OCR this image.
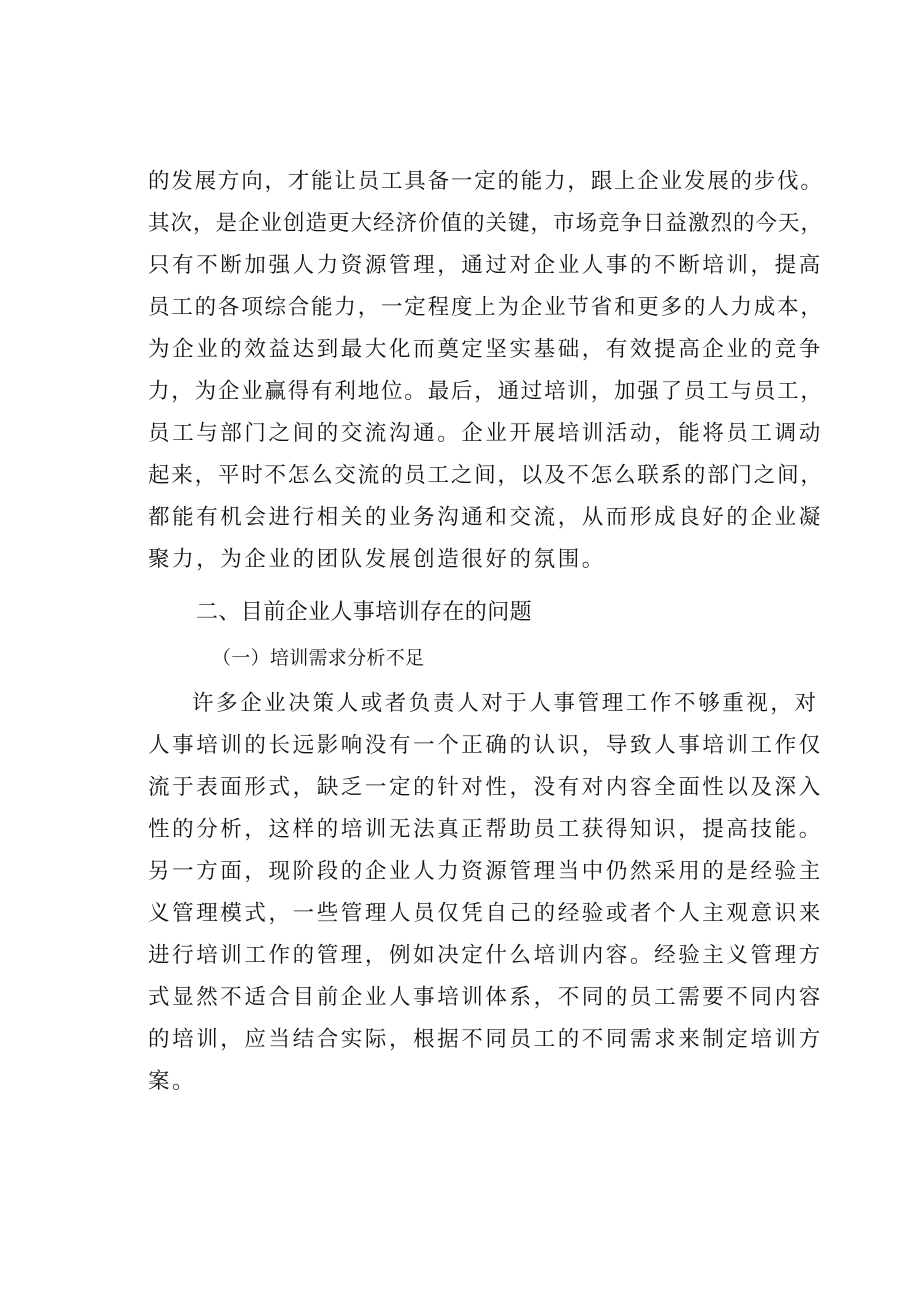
的发展方向，才能让员工具备一定的能力，跟上企业发展的步伐。
其次，是企业创造更大经济价值的关键，市场竞争日益激烈的今天，
只有不断加强人力资源管理，通过对企业人事的不断培训，提高
员工的各项综合能力，一定程度上为企业节省和更多的人力成本，
为企业的效益达到最大化而奠定坚实基础，有效提高企业的竞争
力，为企业赢得有利地位。最后，通过培训，加强了员工与员工，
员工与部门之间的交流沟通。企业开展培训活动，能将员工调动
起来，平时不怎么交流的员工之间，以及不怎么联系的部门之间，
都能有机会进行相关的业务沟通和交流，从而形成良好的企业凝
聚力，为企业的团队发展创造很好的氛围。
二、目前企业人事培训存在的问题
（一）培训需求分析不足
许多企业决策人或者负责人对于人事管理工作不够重视，对
人事培训的长远影响没有一个正确的认识，导致人事培训工作仅
流于表面形式，缺乏一定的针对性，没有对内容全面性以及深入
性的分析，这样的培训无法真正帮助员工获得知识，提高技能。
另一方面，现阶段的企业人力资源管理当中仍然采用的是经验主
义管理模式，一些管理人员仅凭自己的经验或者个人主观意识来
进行培训工作的管理，例如决定什么培训内容。经验主义管理方
式显然不适合目前企业人事培训体系，不同的员工需要不同内容
的培训，应当结合实际，根据不同员工的不同需求来制定培训方
案。
